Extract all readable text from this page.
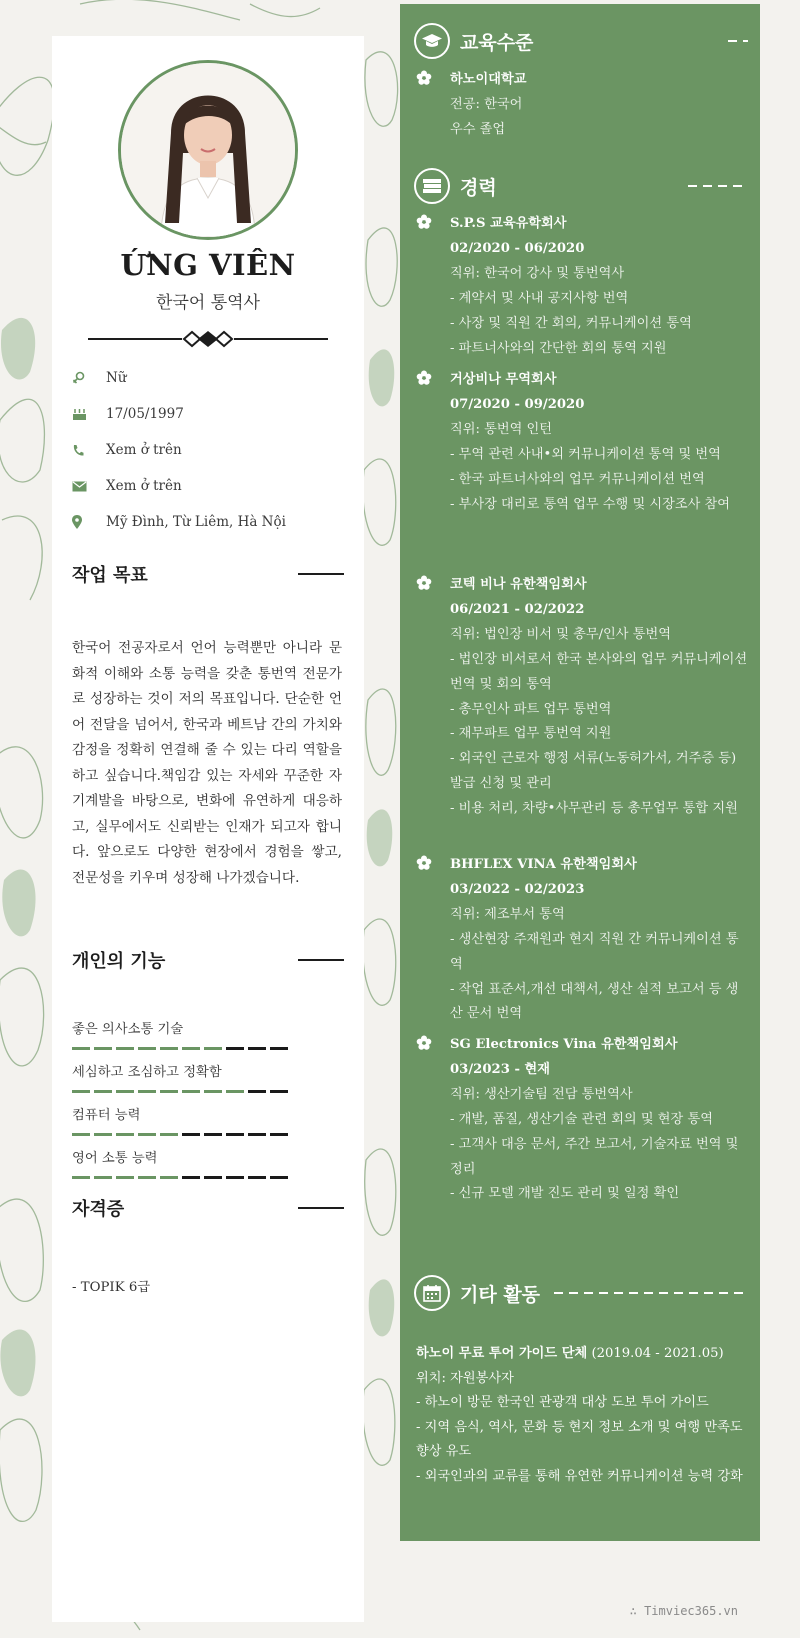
ỨNG VIÊN
한국어 통역사
Nữ
17/05/1997
Xem ở trên
Xem ở trên
Mỹ Đình, Từ Liêm, Hà Nội
작업 목표
한국어 전공자로서 언어 능력뿐만 아니라 문화적 이해와 소통 능력을 갖춘 통번역 전문가로 성장하는 것이 저의 목표입니다. 단순한 언어 전달을 넘어서, 한국과 베트남 간의 가치와 감정을 정확히 연결해 줄 수 있는 다리 역할을 하고 싶습니다.책임감 있는 자세와 꾸준한 자기계발을 바탕으로, 변화에 유연하게 대응하고, 실무에서도 신뢰받는 인재가 되고자 합니다. 앞으로도 다양한 현장에서 경험을 쌓고, 전문성을 키우며 성장해 나가겠습니다.
개인의 기능
좋은 의사소통 기술
세심하고 조심하고 정확함
컴퓨터 능력
영어 소통 능력
자격증
- TOPIK 6급
교육수준
하노이대학교
전공: 한국어
우수 졸업
경력
S.P.S 교육유학회사
02/2020 - 06/2020
직위: 한국어 강사 및 통번역사
- 계약서 및 사내 공지사항 번역
- 사장 및 직원 간 회의, 커뮤니케이션 통역
- 파트너사와의 간단한 회의 통역 지원
거상비나 무역회사
07/2020 - 09/2020
직위: 통번역 인턴
- 무역 관련 사내•외 커뮤니케이션 통역 및 번역
- 한국 파트너사와의 업무 커뮤니케이션 번역
- 부사장 대리로 통역 업무 수행 및 시장조사 참여
코텍 비나 유한책임회사
06/2021 - 02/2022
직위: 법인장 비서 및 총무/인사 통번역
- 법인장 비서로서 한국 본사와의 업무 커뮤니케이션 번역 및 회의 통역
- 총무인사 파트 업무 통번역
- 재무파트 업무 통번역 지원
- 외국인 근로자 행정 서류(노동허가서, 거주증 등) 발급 신청 및 관리
- 비용 처리, 차량•사무관리 등 총무업무 통합 지원
BHFLEX VINA 유한책임회사
03/2022 - 02/2023
직위: 제조부서 통역
- 생산현장 주재원과 현지 직원 간 커뮤니케이션 통역
- 작업 표준서,개선 대책서, 생산 실적 보고서 등 생산 문서 번역
SG Electronics Vina 유한책임회사
03/2023 - 현재
직위: 생산기술팀 전담 통번역사
- 개발, 품질, 생산기술 관련 회의 및 현장 통역
- 고객사 대응 문서, 주간 보고서, 기술자료 번역 및 정리
- 신규 모델 개발 진도 관리 및 일정 확인
기타 활동
하노이 무료 투어 가이드 단체 (2019.04 - 2021.05)
위치: 자원봉사자
- 하노이 방문 한국인 관광객 대상 도보 투어 가이드
- 지역 음식, 역사, 문화 등 현지 정보 소개 및 여행 만족도 향상 유도
- 외국인과의 교류를 통해 유연한 커뮤니케이션 능력 강화
∴ Timviec365.vn
